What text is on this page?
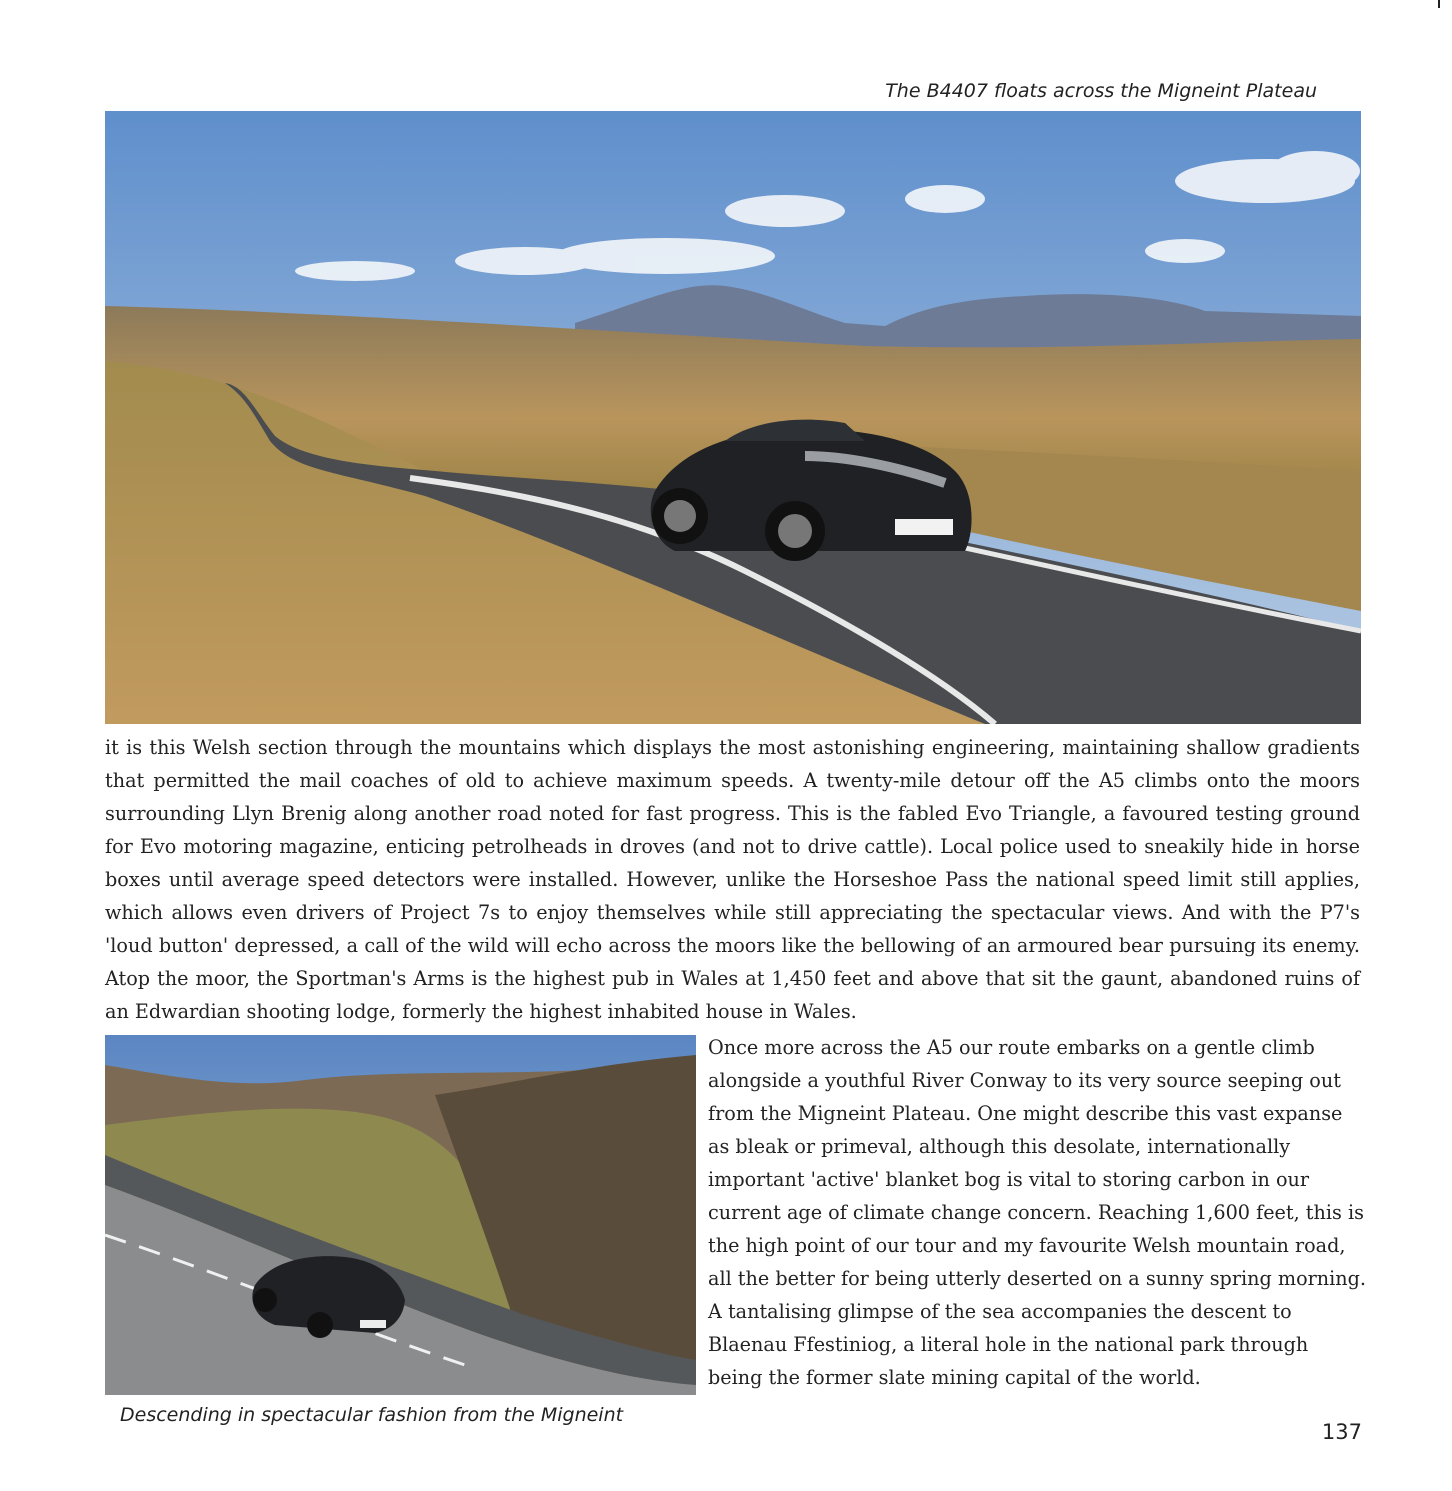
The B4407 floats across the Migneint Plateau

it is this Welsh section through the mountains which displays the most astonishing engineering, maintaining shallow gradients that permitted the mail coaches of old to achieve maximum speeds. A twenty-mile detour off the A5 climbs onto the moors surrounding Llyn Brenig along another road noted for fast progress. This is the fabled Evo Triangle, a favoured testing ground for Evo motoring magazine, enticing petrolheads in droves (and not to drive cattle). Local police used to sneakily hide in horse boxes until average speed detectors were installed. However, unlike the Horseshoe Pass the national speed limit still applies, which allows even drivers of Project 7s to enjoy themselves while still appreciating the spectacular views. And with the P7's 'loud button' depressed, a call of the wild will echo across the moors like the bellowing of an armoured bear pursuing its enemy. Atop the moor, the Sportman's Arms is the highest pub in Wales at 1,450 feet and above that sit the gaunt, abandoned ruins of an Edwardian shooting lodge, formerly the highest inhabited house in Wales.

Once more across the A5 our route embarks on a gentle climb alongside a youthful River Conway to its very source seeping out from the Migneint Plateau. One might describe this vast expanse as bleak or primeval, although this desolate, internationally important 'active' blanket bog is vital to storing carbon in our current age of climate change concern. Reaching 1,600 feet, this is the high point of our tour and my favourite Welsh mountain road, all the better for being utterly deserted on a sunny spring morning. A tantalising glimpse of the sea accompanies the descent to Blaenau Ffestiniog, a literal hole in the national park through being the former slate mining capital of the world.

Descending in spectacular fashion from the Migneint
137
